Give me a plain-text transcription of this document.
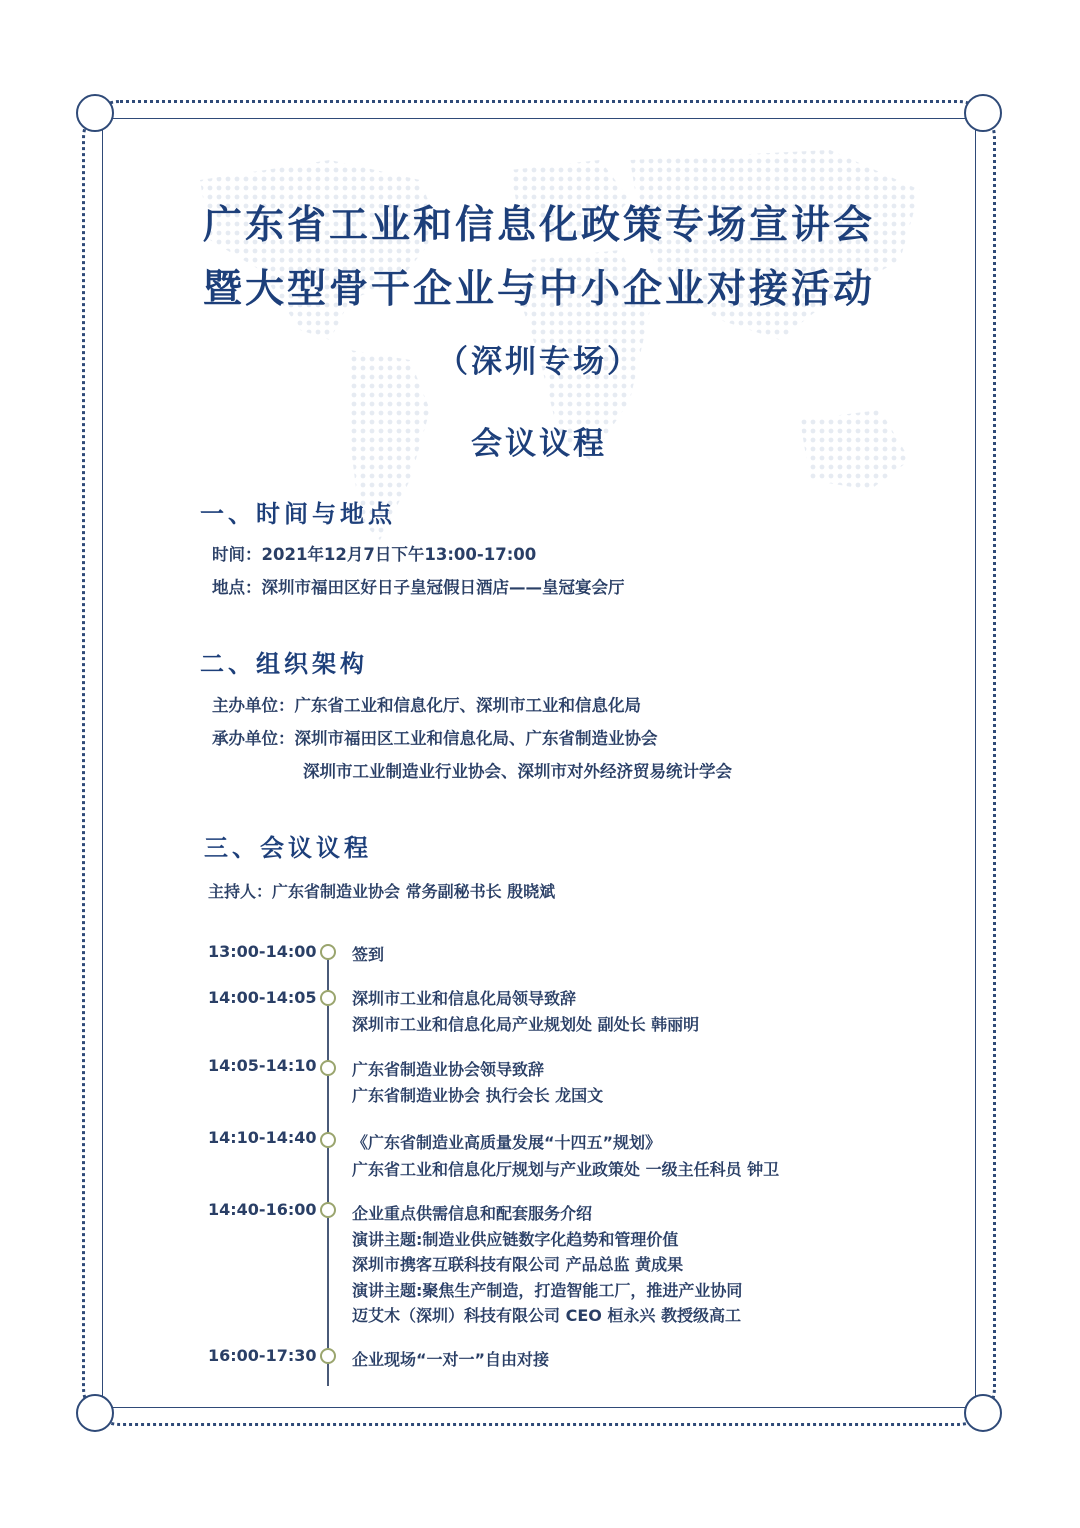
广东省工业和信息化政策专场宣讲会
暨大型骨干企业与中小企业对接活动
（深圳专场）
会议议程
一、时间与地点
时间：2021年12月7日下午13:00-17:00
地点：深圳市福田区好日子皇冠假日酒店——皇冠宴会厅
二、组织架构
主办单位：广东省工业和信息化厅、深圳市工业和信息化局
承办单位：深圳市福田区工业和信息化局、广东省制造业协会
深圳市工业制造业行业协会、深圳市对外经济贸易统计学会
三、会议议程
主持人：广东省制造业协会 常务副秘书长 殷晓斌
13:00-14:00 签到
14:00-14:05 深圳市工业和信息化局领导致辞
深圳市工业和信息化局产业规划处 副处长 韩丽明
14:05-14:10 广东省制造业协会领导致辞
广东省制造业协会 执行会长 龙国文
14:10-14:40 《广东省制造业高质量发展“十四五”规划》
广东省工业和信息化厅规划与产业政策处 一级主任科员 钟卫
14:40-16:00 企业重点供需信息和配套服务介绍
演讲主题:制造业供应链数字化趋势和管理价值
深圳市携客互联科技有限公司 产品总监 黄成果
演讲主题:聚焦生产制造，打造智能工厂，推进产业协同
迈艾木（深圳）科技有限公司 CEO 桓永兴 教授级高工
16:00-17:30 企业现场“一对一”自由对接
